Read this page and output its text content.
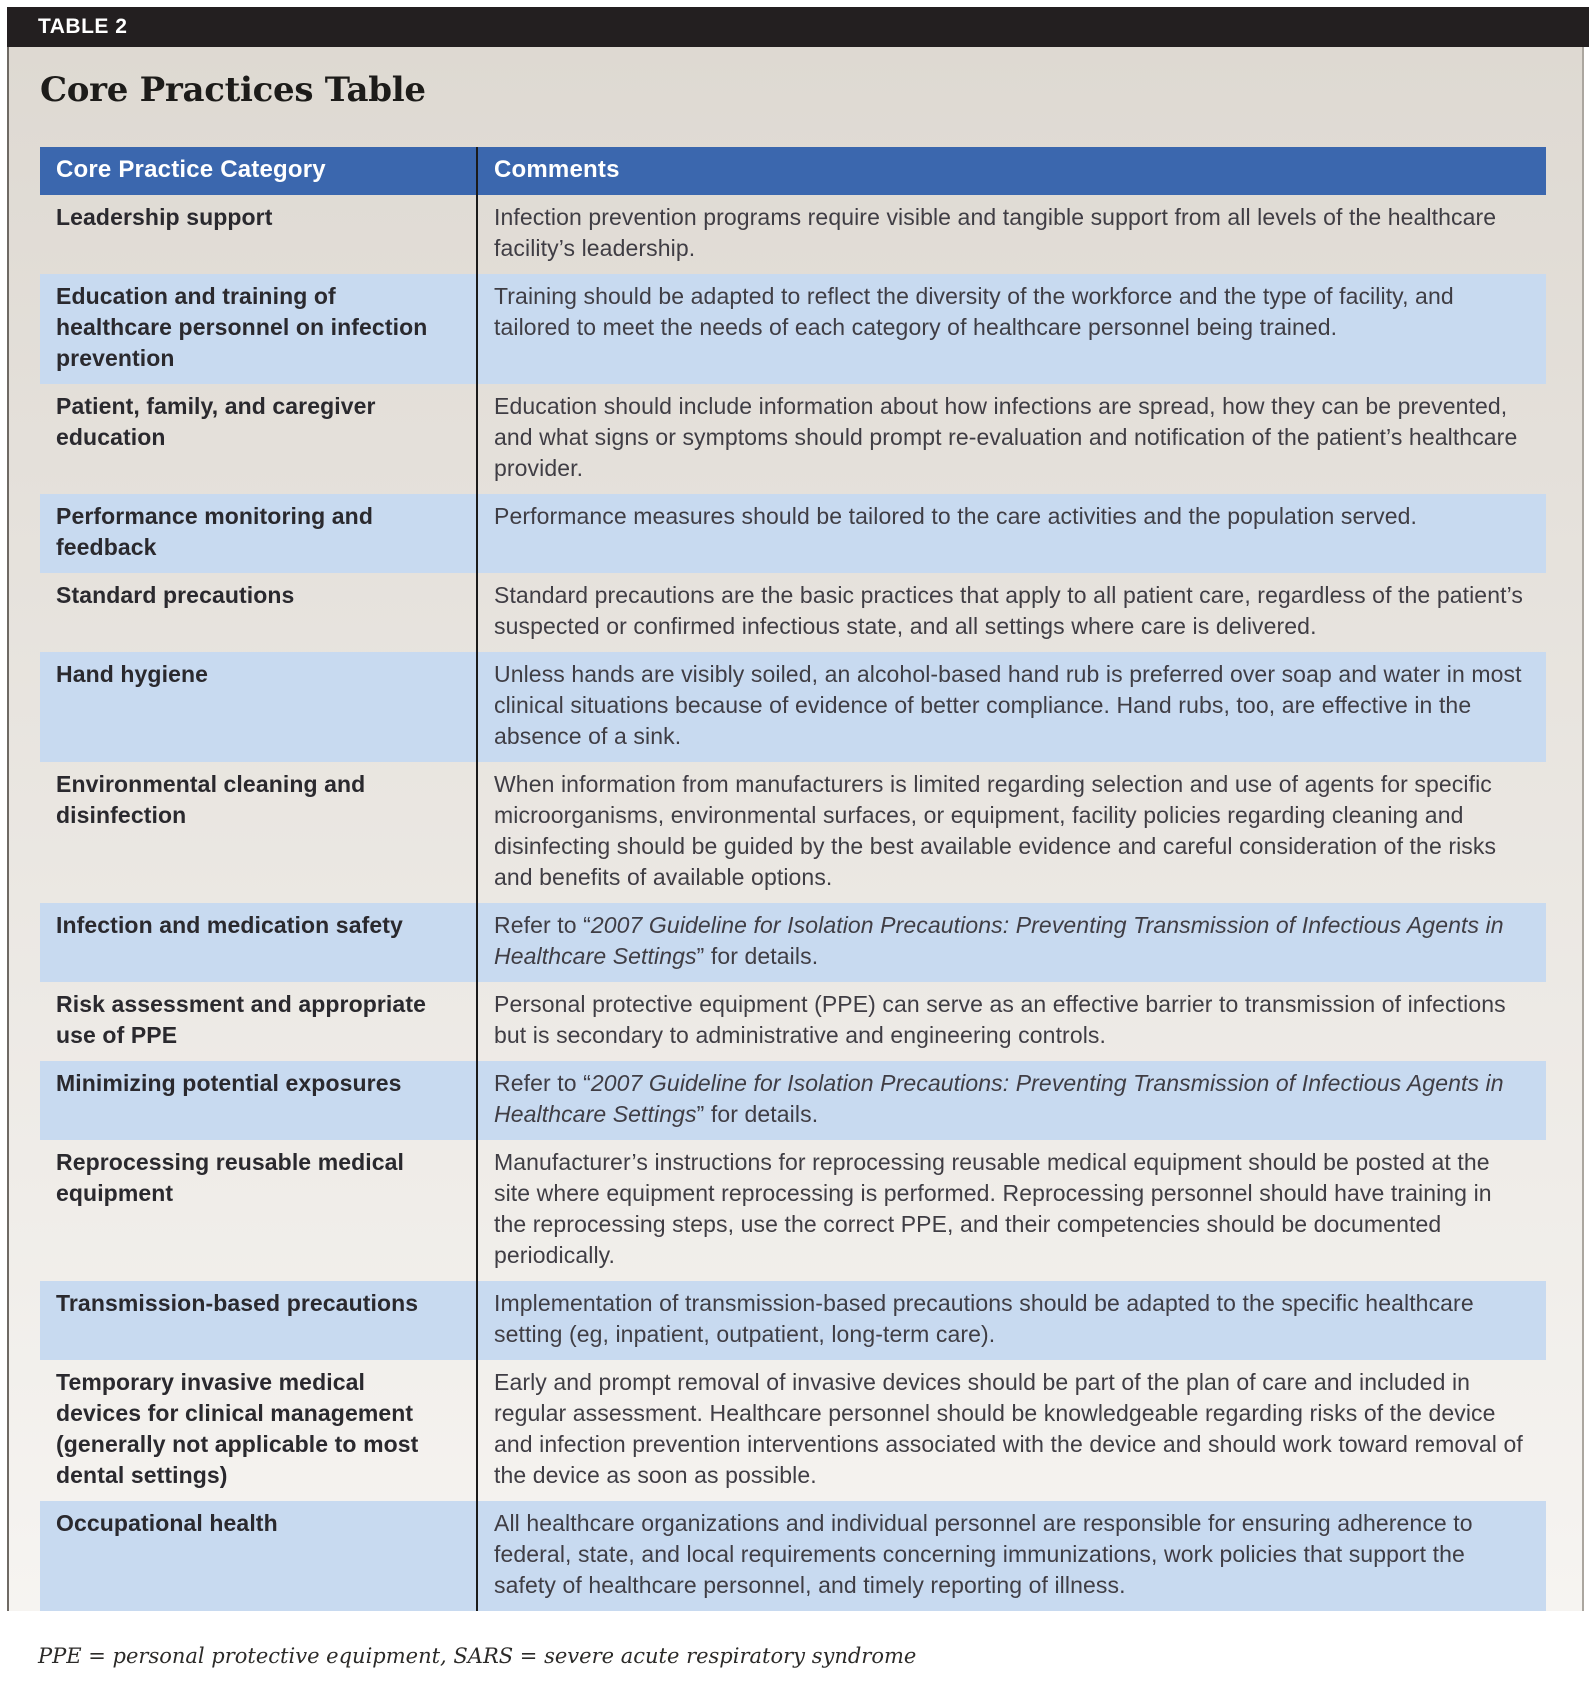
TABLE 2
Core Practices Table
Core Practice Category	Comments
Leadership support	Infection prevention programs require visible and tangible support from all levels of the healthcare facility’s leadership.
Education and training of healthcare personnel on infection prevention	Training should be adapted to reflect the diversity of the workforce and the type of facility, and tailored to meet the needs of each category of healthcare personnel being trained.
Patient, family, and caregiver education	Education should include information about how infections are spread, how they can be prevented, and what signs or symptoms should prompt re-evaluation and notification of the patient’s healthcare provider.
Performance monitoring and feedback	Performance measures should be tailored to the care activities and the population served.
Standard precautions	Standard precautions are the basic practices that apply to all patient care, regardless of the patient’s suspected or confirmed infectious state, and all settings where care is delivered.
Hand hygiene	Unless hands are visibly soiled, an alcohol-based hand rub is preferred over soap and water in most clinical situations because of evidence of better compliance. Hand rubs, too, are effective in the absence of a sink.
Environmental cleaning and disinfection	When information from manufacturers is limited regarding selection and use of agents for specific microorganisms, environmental surfaces, or equipment, facility policies regarding cleaning and disinfecting should be guided by the best available evidence and careful consideration of the risks and benefits of available options.
Infection and medication safety	Refer to “2007 Guideline for Isolation Precautions: Preventing Transmission of Infectious Agents in Healthcare Settings” for details.
Risk assessment and appropriate use of PPE	Personal protective equipment (PPE) can serve as an effective barrier to transmission of infections but is secondary to administrative and engineering controls.
Minimizing potential exposures	Refer to “2007 Guideline for Isolation Precautions: Preventing Transmission of Infectious Agents in Healthcare Settings” for details.
Reprocessing reusable medical equipment	Manufacturer’s instructions for reprocessing reusable medical equipment should be posted at the site where equipment reprocessing is performed. Reprocessing personnel should have training in the reprocessing steps, use the correct PPE, and their competencies should be documented periodically.
Transmission-based precautions	Implementation of transmission-based precautions should be adapted to the specific healthcare setting (eg, inpatient, outpatient, long-term care).
Temporary invasive medical devices for clinical management (generally not applicable to most dental settings)	Early and prompt removal of invasive devices should be part of the plan of care and included in regular assessment. Healthcare personnel should be knowledgeable regarding risks of the device and infection prevention interventions associated with the device and should work toward removal of the device as soon as possible.
Occupational health	All healthcare organizations and individual personnel are responsible for ensuring adherence to federal, state, and local requirements concerning immunizations, work policies that support the safety of healthcare personnel, and timely reporting of illness.

PPE = personal protective equipment, SARS = severe acute respiratory syndrome
